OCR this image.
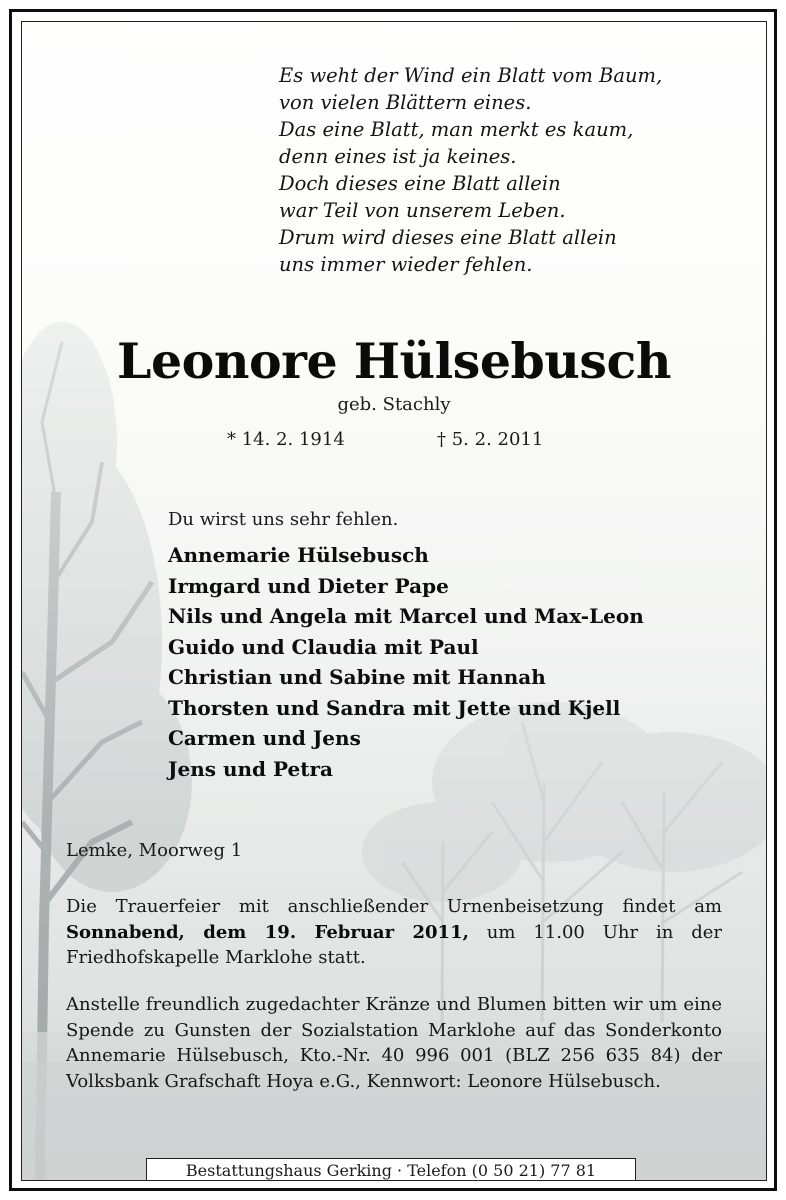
Es weht der Wind ein Blatt vom Baum,
von vielen Blättern eines.
Das eine Blatt, man merkt es kaum,
denn eines ist ja keines.
Doch dieses eine Blatt allein
war Teil von unserem Leben.
Drum wird dieses eine Blatt allein
uns immer wieder fehlen.
Leonore Hülsebusch
geb. Stachly
* 14. 2. 1914	† 5. 2. 2011
Du wirst uns sehr fehlen.
Annemarie Hülsebusch
Irmgard und Dieter Pape
Nils und Angela mit Marcel und Max-Leon
Guido und Claudia mit Paul
Christian und Sabine mit Hannah
Thorsten und Sandra mit Jette und Kjell
Carmen und Jens
Jens und Petra
Lemke, Moorweg 1
Die Trauerfeier mit anschließender Urnenbeisetzung findet am Sonnabend, dem 19. Februar 2011, um 11.00 Uhr in der Friedhofskapelle Marklohe statt.
Anstelle freundlich zugedachter Kränze und Blumen bitten wir um eine Spende zu Gunsten der Sozialstation Marklohe auf das Sonderkonto Annemarie Hülsebusch, Kto.-Nr. 40 996 001 (BLZ 256 635 84) der Volksbank Grafschaft Hoya e.G., Kennwort: Leonore Hülsebusch.
Bestattungshaus Gerking · Telefon (0 50 21) 77 81
